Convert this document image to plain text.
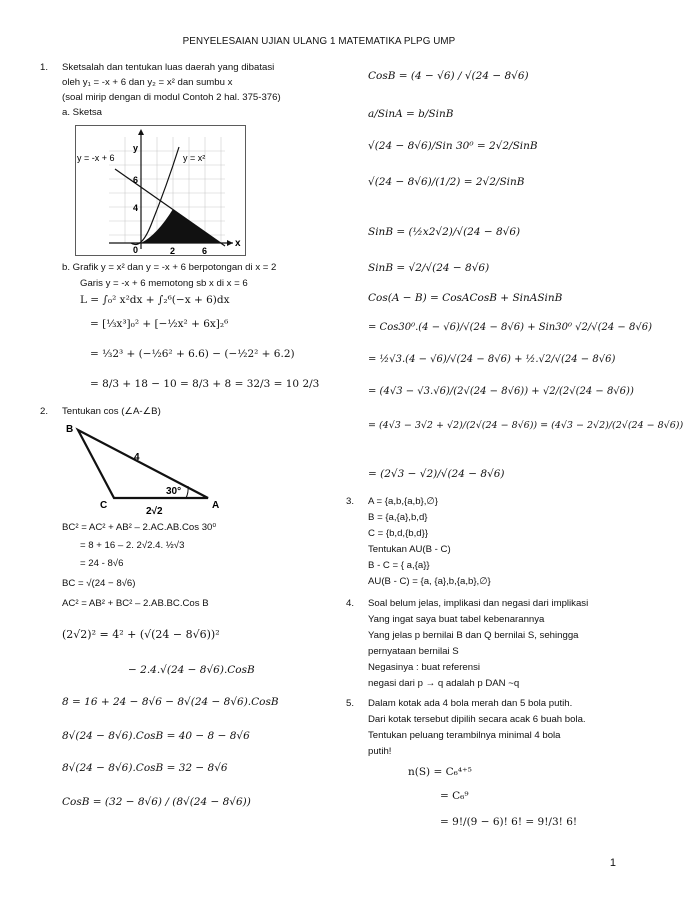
PENYELESAIAN UJIAN ULANG 1 MATEMATIKA PLPG UMP
1. Sketsalah dan tentukan luas daerah yang dibatasi
oleh y₁ = -x + 6 dan y₂ = x² dan sumbu x
(soal mirip dengan di modul Contoh 2 hal. 375-376)
a. Sketsa
y = -x + 6	y = x²
y
x
6
4
0	2	6
b. Grafik y = x² dan y = -x + 6 berpotongan di x = 2
Garis y = -x + 6 memotong sb x di x = 6
L = ∫₀² x²dx + ∫₂⁶(−x + 6)dx
= [⅓x³]₀² + [−½x² + 6x]₂⁶
= ⅓2³ + (−½6² + 6.6) − (−½2² + 6.2)
= 8/3 + 18 − 10 = 8/3 + 8 = 32/3 = 10 2/3
2. Tentukan cos (∠A-∠B)
B
C	A
4
2√2
30°
BC² = AC² + AB² – 2.AC.AB.Cos 30⁰
= 8 + 16 – 2. 2√2.4. ½√3
= 24 - 8√6
BC = √(24 − 8√6)
AC² = AB² + BC² – 2.AB.BC.Cos B
(2√2)² = 4² + (√(24 − 8√6))²
− 2.4.√(24 − 8√6).CosB
8 = 16 + 24 − 8√6 − 8√(24 − 8√6).CosB
8√(24 − 8√6).CosB = 40 − 8 − 8√6
8√(24 − 8√6).CosB = 32 − 8√6
CosB = (32 − 8√6) / (8√(24 − 8√6))
CosB = (4 − √6) / √(24 − 8√6)
a/SinA = b/SinB
√(24 − 8√6)/Sin 30⁰ = 2√2/SinB
√(24 − 8√6)/(1/2) = 2√2/SinB
SinB = (½x2√2)/√(24 − 8√6)
SinB = √2/√(24 − 8√6)
Cos(A − B) = CosACosB + SinASinB
= Cos30⁰.(4 − √6)/√(24 − 8√6) + Sin30⁰ √2/√(24 − 8√6)
= ½√3.(4 − √6)/√(24 − 8√6) + ½.√2/√(24 − 8√6)
= (4√3 − √3.√6)/(2√(24 − 8√6)) + √2/(2√(24 − 8√6))
= (4√3 − 3√2 + √2)/(2√(24 − 8√6)) = (4√3 − 2√2)/(2√(24 − 8√6))
= (2√3 − √2)/√(24 − 8√6)
3. A = {a,b,{a,b},∅}
B = {a,{a},b,d}
C = {b,d,{b,d}}
Tentukan AU(B - C)
B - C = { a,{a}}
AU(B - C) = {a, {a},b,{a,b},∅}
4. Soal belum jelas, implikasi dan negasi dari implikasi
Yang ingat saya buat tabel kebenarannya
Yang jelas p bernilai B dan Q bernilai S, sehingga
pernyataan bernilai S
Negasinya : buat referensi
negasi dari p → q adalah p DAN ~q
5. Dalam kotak ada 4 bola merah dan 5 bola putih.
Dari kotak tersebut dipilih secara acak 6 buah bola.
Tentukan peluang terambilnya minimal 4 bola
putih!
n(S) = C₆⁴⁺⁵
= C₆⁹
= 9!/(9 − 6)! 6! = 9!/3! 6!
1
